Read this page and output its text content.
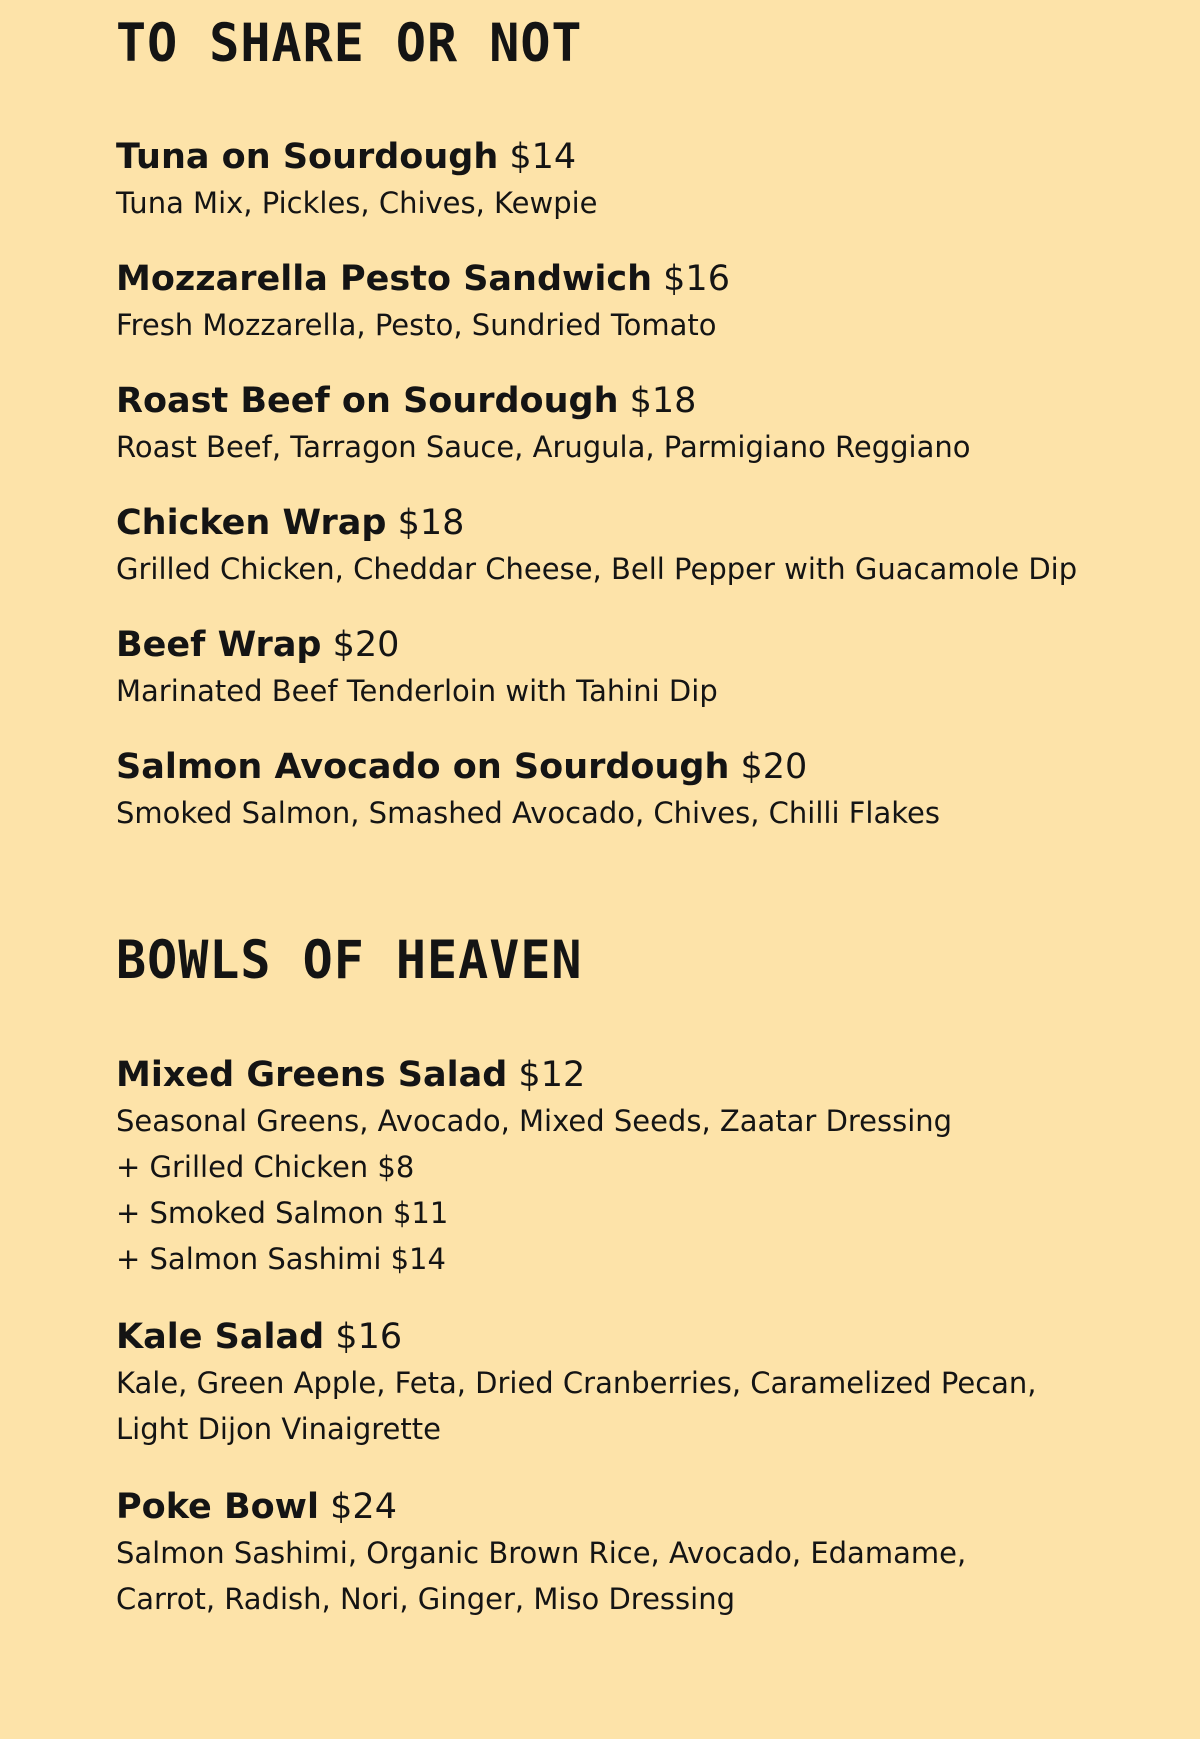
TO SHARE OR NOT

Tuna on Sourdough $14

Tuna Mix, Pickles, Chives, Kewpie

Mozzarella Pesto Sandwich $16

Fresh Mozzarella, Pesto, Sundried Tomato

Roast Beef on Sourdough $18

Roast Beef, Tarragon Sauce, Arugula, Parmigiano Reggiano

Chicken Wrap $18

Grilled Chicken, Cheddar Cheese, Bell Pepper with Guacamole Dip

Beef Wrap $20

Marinated Beef Tenderloin with Tahini Dip

Salmon Avocado on Sourdough $20

Smoked Salmon, Smashed Avocado, Chives, Chilli Flakes

BOWLS OF HEAVEN

Mixed Greens Salad $12

Seasonal Greens, Avocado, Mixed Seeds, Zaatar Dressing

+ Grilled Chicken $8

+ Smoked Salmon $11

+ Salmon Sashimi $14

Kale Salad $16

Kale, Green Apple, Feta, Dried Cranberries, Caramelized Pecan,

Light Dijon Vinaigrette

Poke Bowl $24

Salmon Sashimi, Organic Brown Rice, Avocado, Edamame,

Carrot, Radish, Nori, Ginger, Miso Dressing
